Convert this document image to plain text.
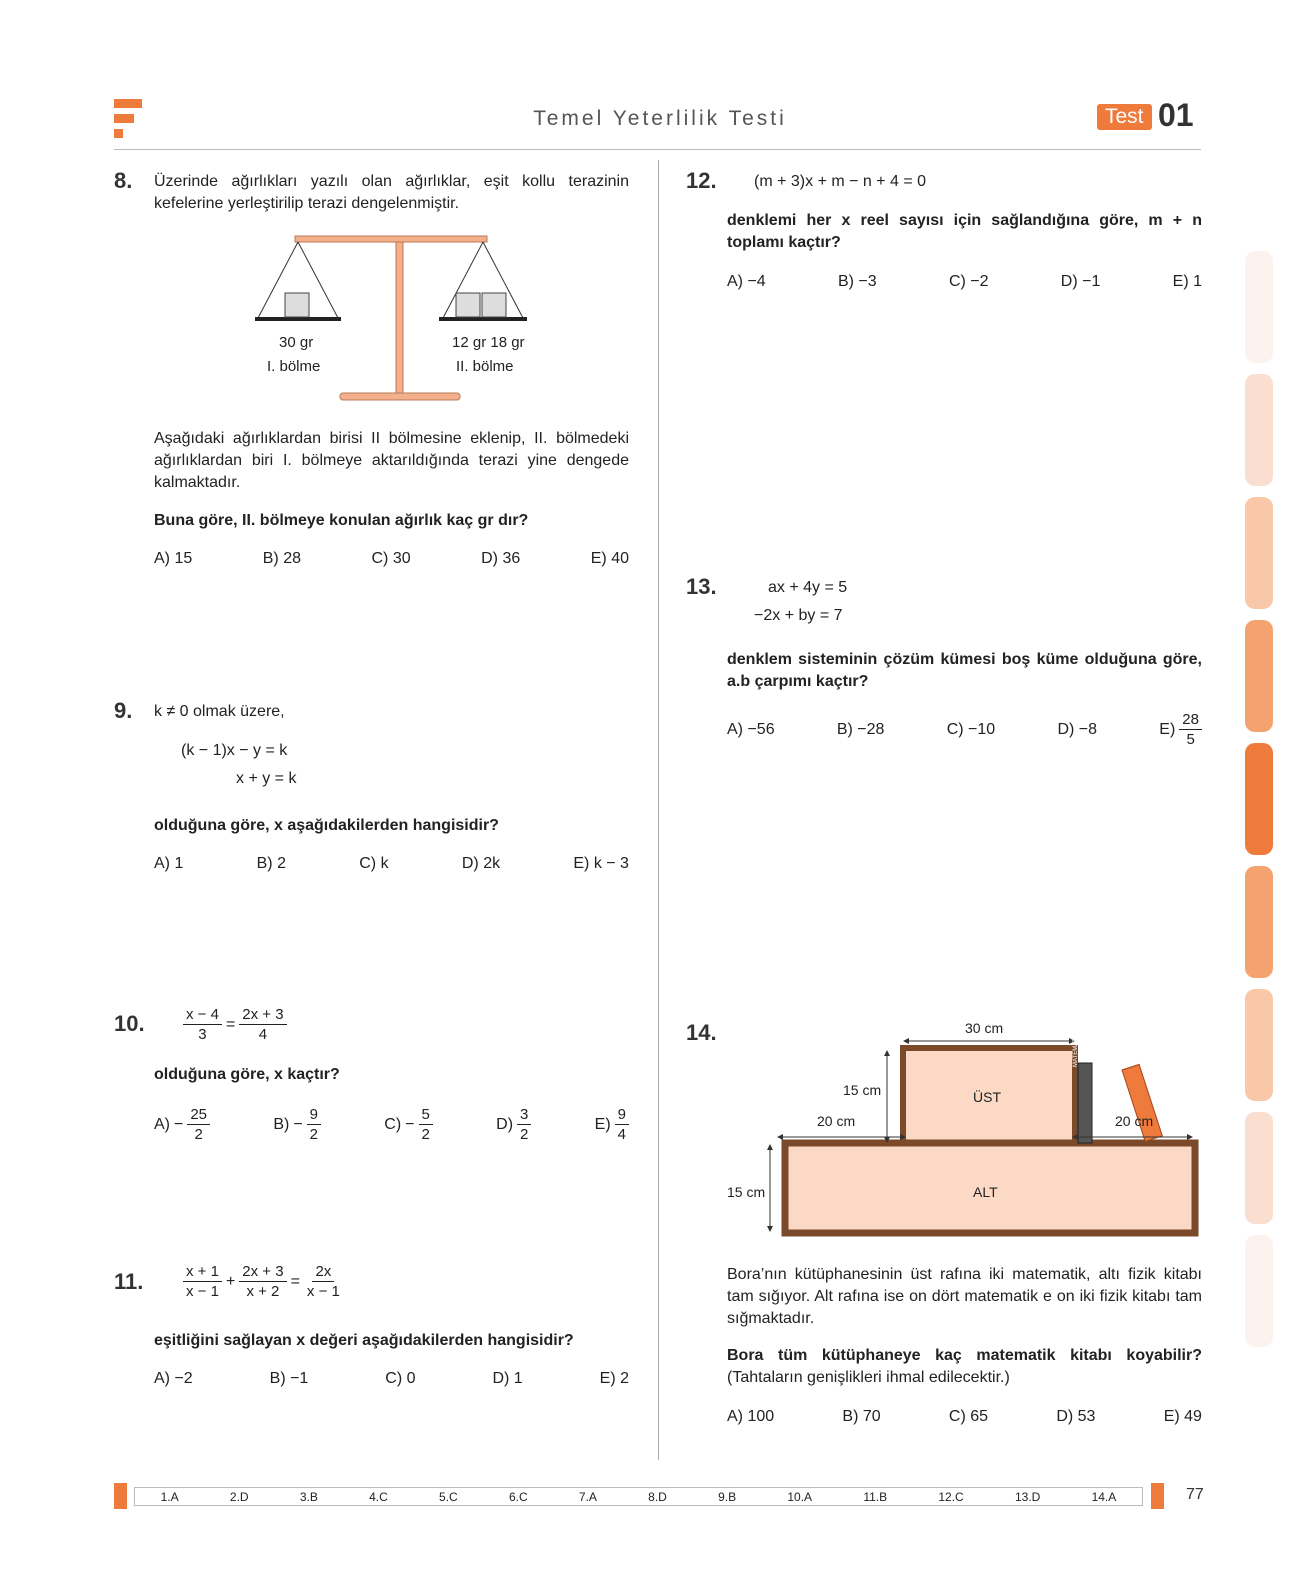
Temel Yeterlilik Testi	Test 01
8. Üzerinde ağırlıkları yazılı olan ağırlıklar, eşit kollu terazinin kefelerine yerleştirilip terazi dengelenmiştir.
30 gr
I. bölme
12 gr 18 gr
II. bölme
Aşağıdaki ağırlıklardan birisi II bölmesine eklenip, II. bölmedeki ağırlıklardan biri I. bölmeye aktarıldığında terazi yine dengede kalmaktadır.
Buna göre, II. bölmeye konulan ağırlık kaç gr dır?
A) 15	B) 28	C) 30	D) 36	E) 40
9. k ≠ 0 olmak üzere,
(k − 1)x − y = k
x + y = k
olduğuna göre, x aşağıdakilerden hangisidir?
A) 1	B) 2	C) k	D) 2k	E) k − 3
10.	$\frac{x - 4}{3} = \frac{2x + 3}{4}$
olduğuna göre, x kaçtır?
$A) - \frac{25}{2}$	$B) - \frac{9}{2}$	$C) - \frac{5}{2}$	$D) \frac{3}{2}$	$E) \frac{9}{4}$
11.	$\frac{x + 1}{x - 1} + \frac{2x + 3}{x + 2} = \frac{2x}{x - 1}$
eşitliğini sağlayan x değeri aşağıdakilerden hangisidir?
A) −2	B) −1	C) 0	D) 1	E) 2
12. (m + 3)x + m − n + 4 = 0
denklemi her x reel sayısı için sağlandığına göre, m + n toplamı kaçtır?
A) −4	B) −3	C) −2	D) −1	E) 1
13.	ax + 4y = 5
−2x + by = 7
denklem sisteminin çözüm kümesi boş küme olduğuna göre, a.b çarpımı kaçtır?
A) −56	B) −28	C) −10	D) −8	$E) \frac{28}{5}$
14.	30 cm
15 cm
20 cm	20 cm
15 cm
ÜST
ALT
MATEMATİK
FİZİK
Bora’nın kütüphanesinin üst rafına iki matematik, altı fizik kitabı tam sığıyor. Alt rafına ise on dört matematik e on iki fizik kitabı tam sığmaktadır.
Bora tüm kütüphaneye kaç matematik kitabı koyabilir?
(Tahtaların genişlikleri ihmal edilecektir.)
A) 100	B) 70	C) 65	D) 53	E) 49
1.A	2.D	3.B	4.C	5.C	6.C	7.A	8.D	9.B	10.A	11.B	12.C	13.D	14.A	77
